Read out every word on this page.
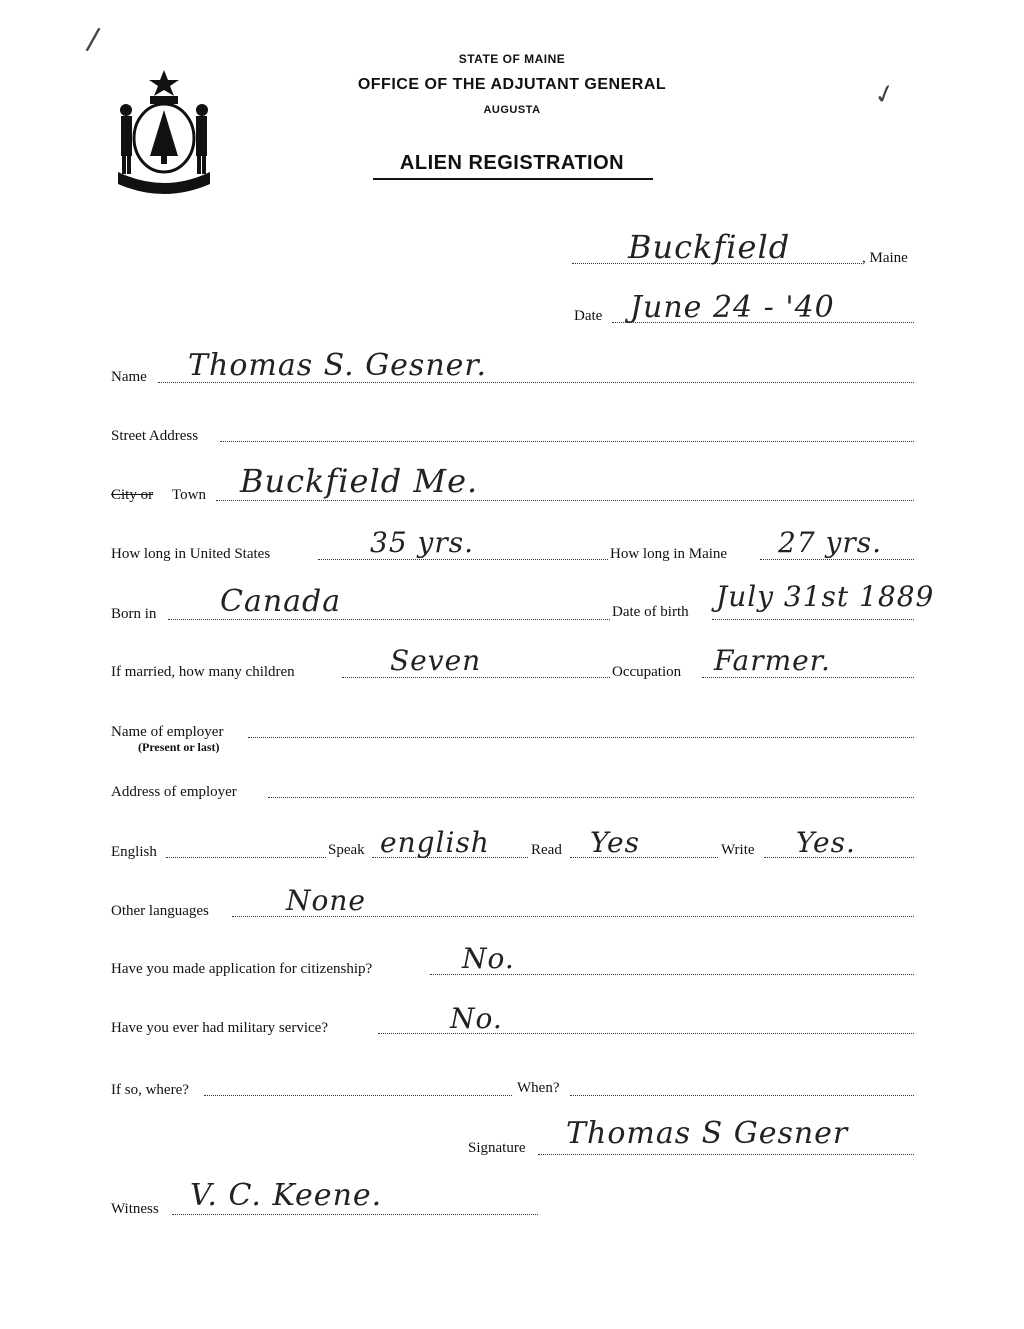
/
✓
MAINE
STATE OF MAINE
OFFICE OF THE ADJUTANT GENERAL
AUGUSTA
ALIEN REGISTRATION
Buckfield	, Maine
Date June 24 - '40
Name Thomas S. Gesner.
Street Address
City or Town Buckfield Me.
How long in United States	35 yrs.	How long in Maine 27 yrs.
Born in Canada	Date of birth July 31st 1889
If married, how many children	Seven	Occupation Farmer.
Name of employer
(Present or last)
Address of employer
English	Speak english	Read Yes	Write Yes.
Other languages	None
Have you made application for citizenship?	No.
Have you ever had military service?	No.
If so, where?	When?
Signature Thomas S Gesner
Witness V. C. Keene.
